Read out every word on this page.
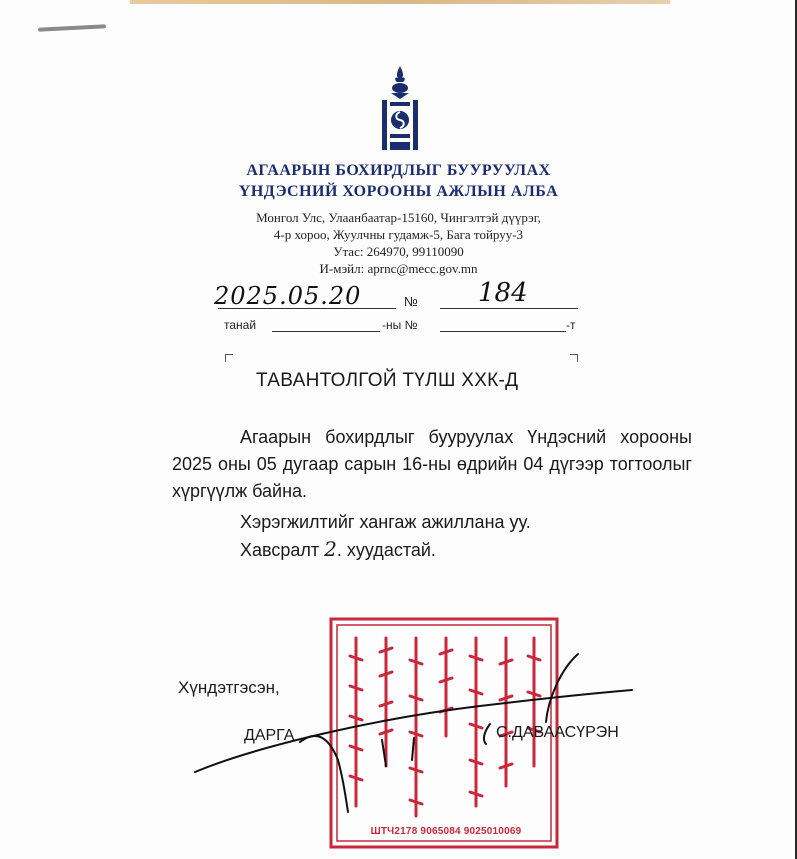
АГААРЫН БОХИРДЛЫГ БУУРУУЛАХ
ҮНДЭСНИЙ ХОРООНЫ АЖЛЫН АЛБА
Монгол Улс, Улаанбаатар-15160, Чингэлтэй дүүрэг,
4-р хороо, Жуулчны гудамж-5, Бага тойруу-3
Утас: 264970, 99110090
И-мэйл: aprnc@mecc.gov.mn
2025.05.20	№ 184
танай	-ны №	-т
ТАВАНТОЛГОЙ ТҮЛШ ХХК-Д
Агаарын бохирдлыг бууруулах Үндэсний хорооны 2025 оны 05 дугаар сарын 16-ны өдрийн 04 дүгээр тогтоолыг хүргүүлж байна.
Хэрэгжилтийг хангаж ажиллана уу.
Хавсралт 2. хуудастай.
Хүндэтгэсэн,
ШТЧ2178 9065084 9025010069
ДАРГА	С.ДАВААСҮРЭН
